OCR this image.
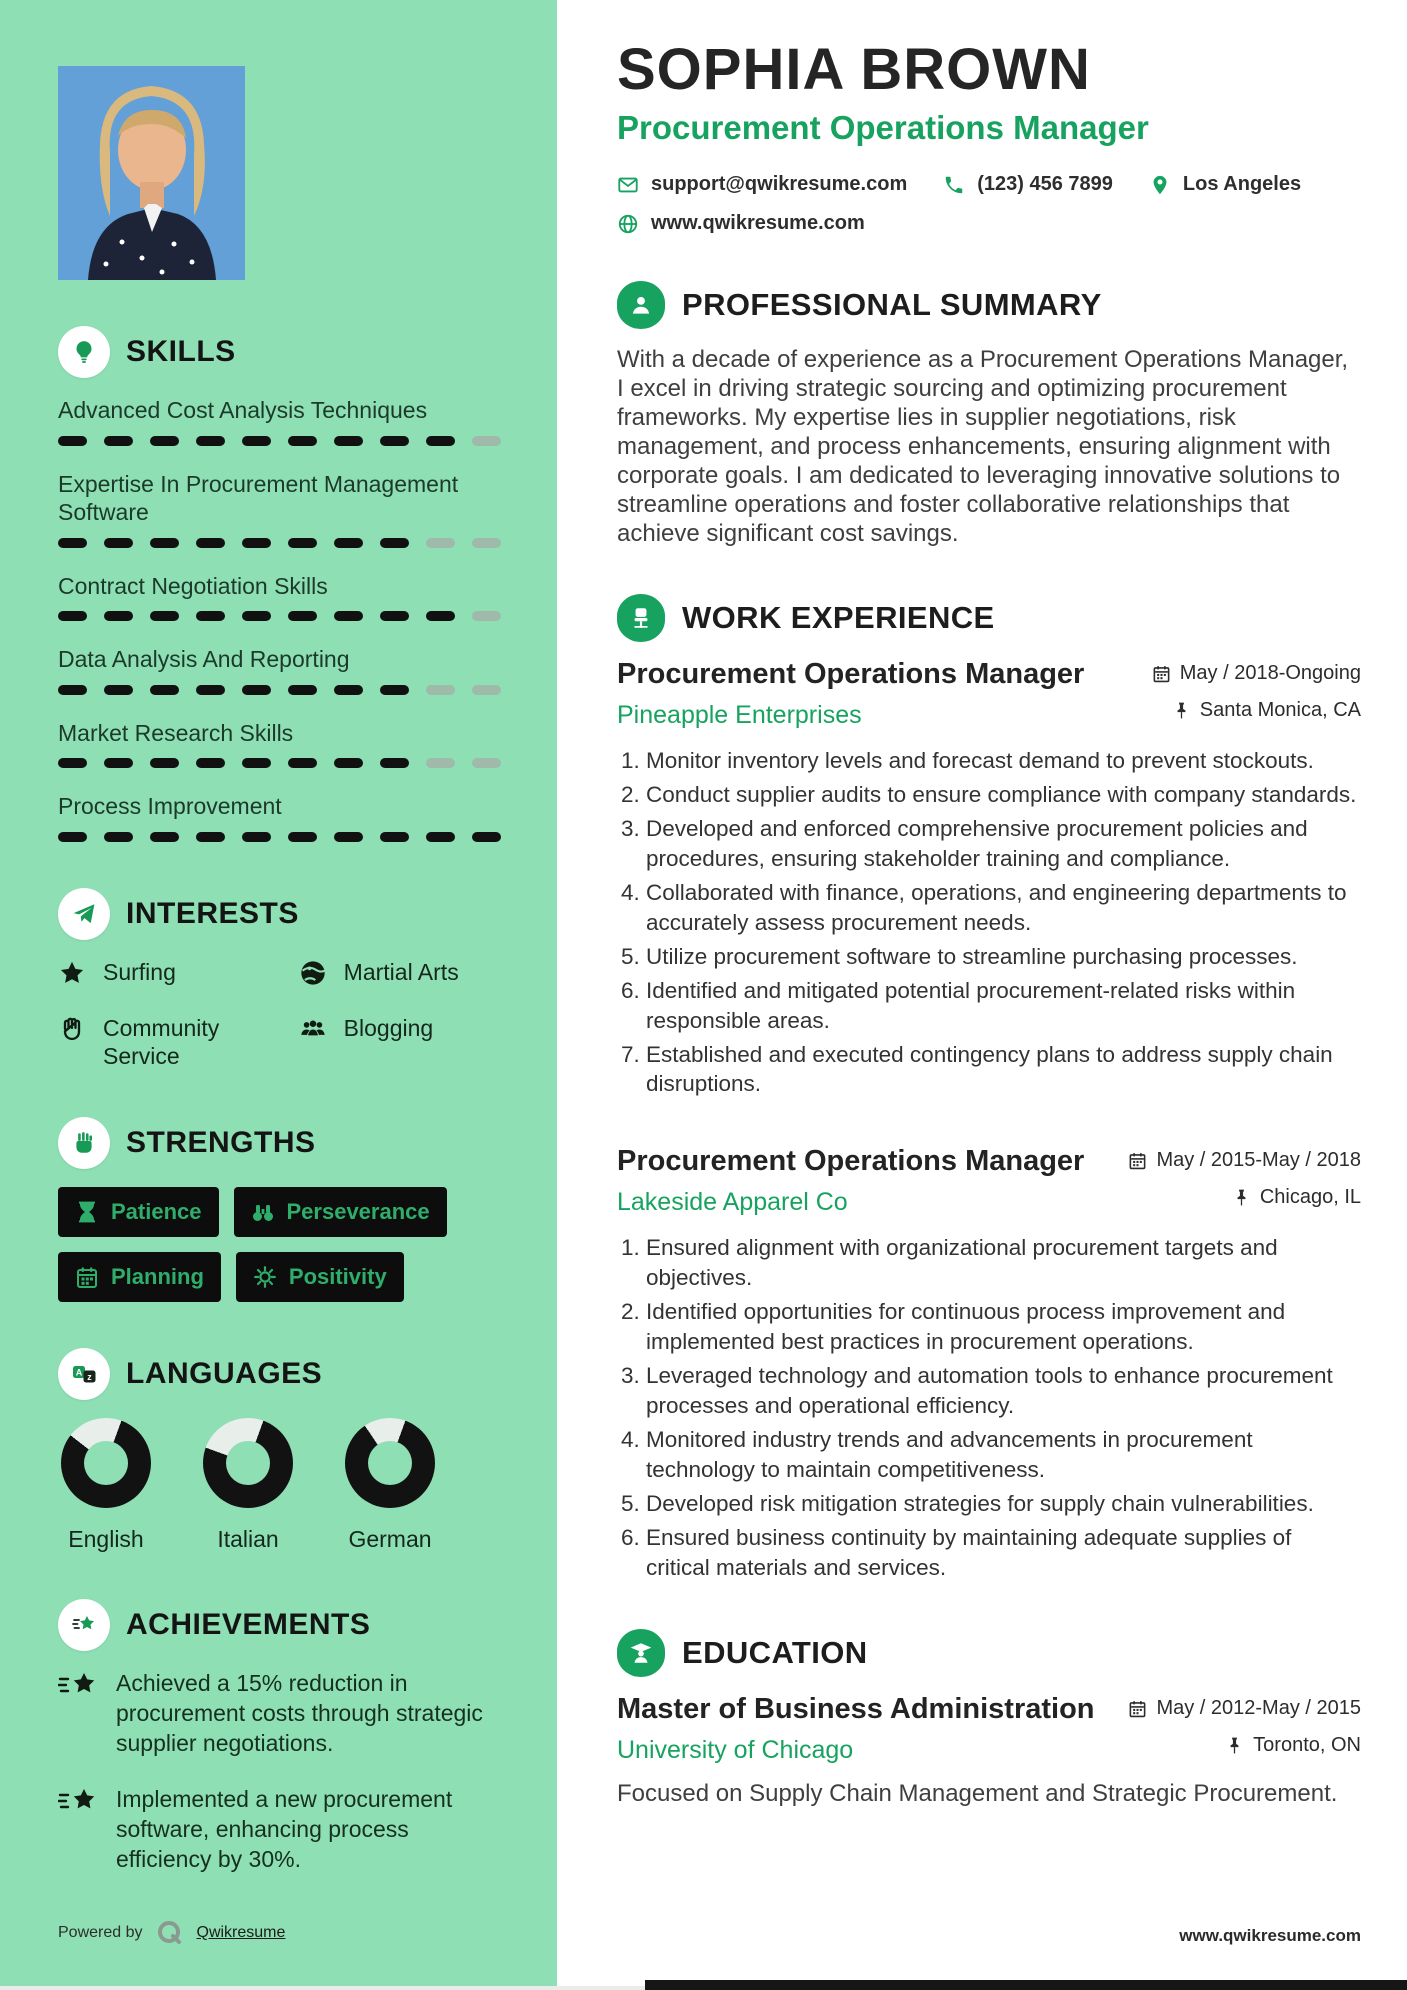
SKILLS
Advanced Cost Analysis Techniques
Expertise In Procurement Management Software
Contract Negotiation Skills
Data Analysis And Reporting
Market Research Skills
Process Improvement
INTERESTS
Surfing	Martial Arts
Community Service
Blogging
STRENGTHS
Patience	Perseverance
Planning	Positivity
A z LANGUAGES
English	Italian	German
ACHIEVEMENTS
Achieved a 15% reduction in procurement costs through strategic supplier negotiations.
Implemented a new procurement software, enhancing process efficiency by 30%.
Powered by	Qwikresume
SOPHIA BROWN

Procurement Operations Manager

support@qwikresume.com	(123) 456 7899	Los Angeles
www.qwikresume.com
PROFESSIONAL SUMMARY

With a decade of experience as a Procurement Operations Manager, I excel in driving strategic sourcing and optimizing procurement frameworks. My expertise lies in supplier negotiations, risk management, and process enhancements, ensuring alignment with corporate goals. I am dedicated to leveraging innovative solutions to streamline operations and foster collaborative relationships that achieve significant cost savings.

WORK EXPERIENCE
Procurement Operations Manager

Pineapple Enterprises

May / 2018-Ongoing
Santa Monica, CA
1. Monitor inventory levels and forecast demand to prevent stockouts.
2. Conduct supplier audits to ensure compliance with company standards.
3. Developed and enforced comprehensive procurement policies and procedures, ensuring stakeholder training and compliance.
4. Collaborated with finance, operations, and engineering departments to accurately assess procurement needs.
5. Utilize procurement software to streamline purchasing processes.
6. Identified and mitigated potential procurement-related risks within responsible areas.
7. Established and executed contingency plans to address supply chain disruptions.
Procurement Operations Manager

Lakeside Apparel Co

May / 2015-May / 2018
Chicago, IL
1. Ensured alignment with organizational procurement targets and objectives.
2. Identified opportunities for continuous process improvement and implemented best practices in procurement operations.
3. Leveraged technology and automation tools to enhance procurement processes and operational efficiency.
4. Monitored industry trends and advancements in procurement technology to maintain competitiveness.
5. Developed risk mitigation strategies for supply chain vulnerabilities.
6. Ensured business continuity by maintaining adequate supplies of critical materials and services.
EDUCATION
Master of Business Administration

University of Chicago

May / 2012-May / 2015
Toronto, ON

Focused on Supply Chain Management and Strategic Procurement.

www.qwikresume.com
